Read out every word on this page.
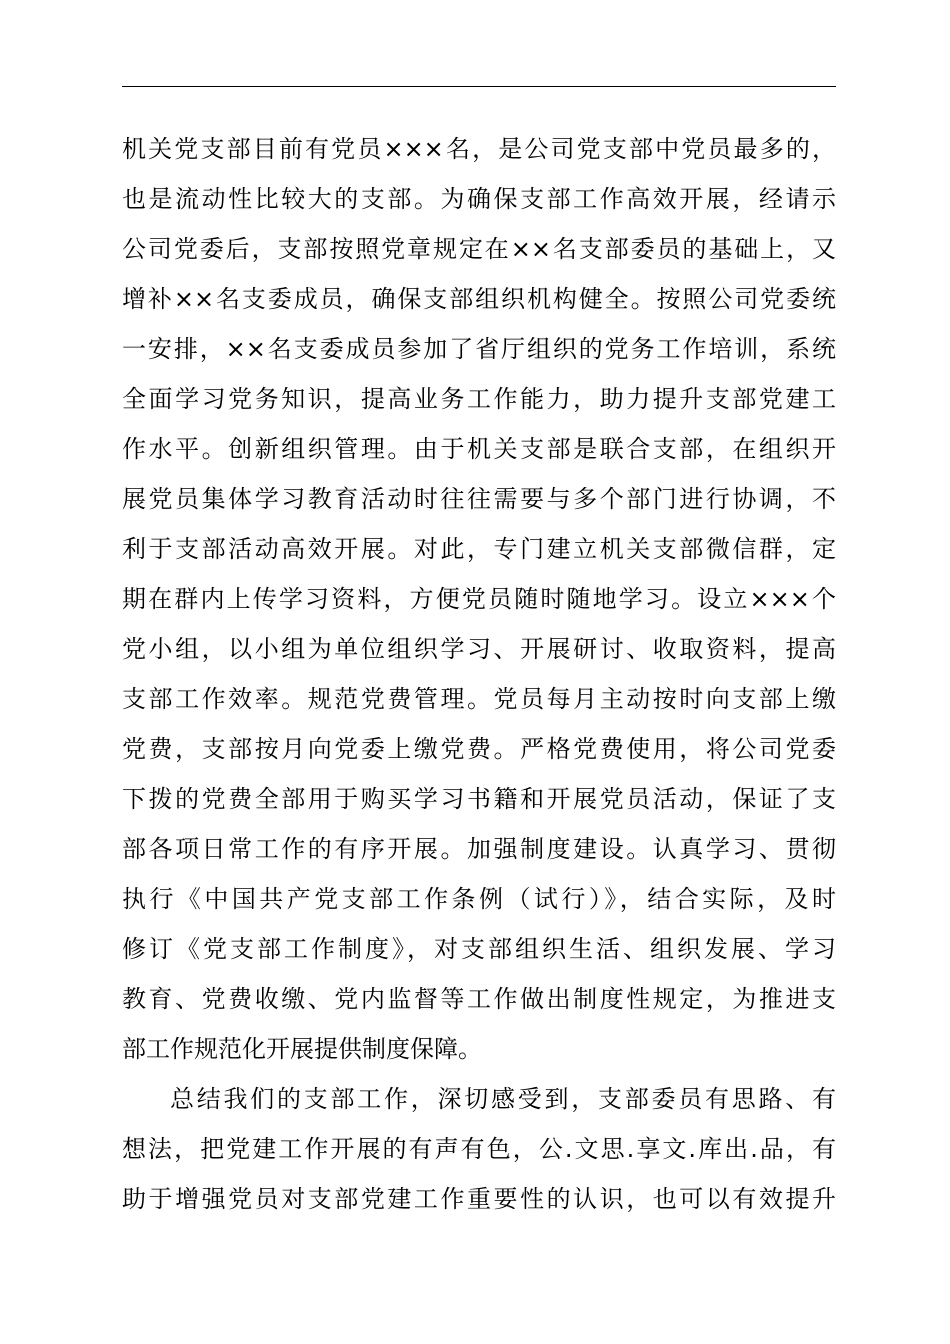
机关党支部目前有党员×××名，是公司党支部中党员最多的，
也是流动性比较大的支部。为确保支部工作高效开展，经请示
公司党委后，支部按照党章规定在××名支部委员的基础上，又
增补××名支委成员，确保支部组织机构健全。按照公司党委统
一安排，××名支委成员参加了省厅组织的党务工作培训，系统
全面学习党务知识，提高业务工作能力，助力提升支部党建工
作水平。创新组织管理。由于机关支部是联合支部，在组织开
展党员集体学习教育活动时往往需要与多个部门进行协调，不
利于支部活动高效开展。对此，专门建立机关支部微信群，定
期在群内上传学习资料，方便党员随时随地学习。设立×××个
党小组，以小组为单位组织学习、开展研讨、收取资料，提高
支部工作效率。规范党费管理。党员每月主动按时向支部上缴
党费，支部按月向党委上缴党费。严格党费使用，将公司党委
下拨的党费全部用于购买学习书籍和开展党员活动，保证了支
部各项日常工作的有序开展。加强制度建设。认真学习、贯彻
执行《中国共产党支部工作条例（试行）》，结合实际，及时
修订《党支部工作制度》，对支部组织生活、组织发展、学习
教育、党费收缴、党内监督等工作做出制度性规定，为推进支
部工作规范化开展提供制度保障。
总结我们的支部工作，深切感受到，支部委员有思路、有
想法，把党建工作开展的有声有色，公.文思.享文.库出.品，有
助于增强党员对支部党建工作重要性的认识，也可以有效提升
